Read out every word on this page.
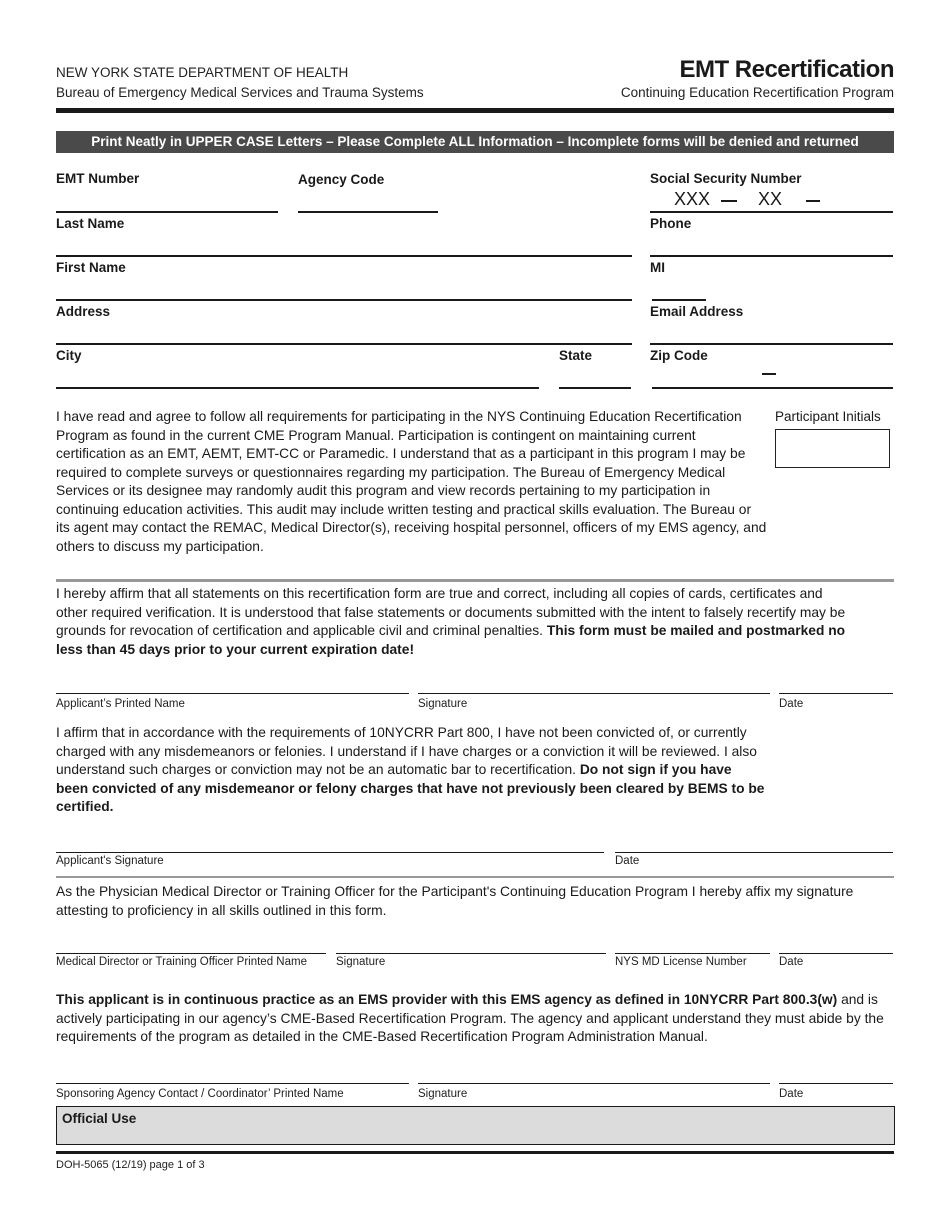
NEW YORK STATE DEPARTMENT OF HEALTH
Bureau of Emergency Medical Services and Trauma Systems
EMT Recertification
Continuing Education Recertification Program
Print Neatly in UPPER CASE Letters – Please Complete ALL Information – Incomplete forms will be denied and returned
EMT Number	Agency Code	Social Security Number
XXX	XX
Last Name	Phone
First Name	MI
Address	Email Address
City	State	Zip Code
I have read and agree to follow all requirements for participating in the NYS Continuing Education Recertification Program as found in the current CME Program Manual. Participation is contingent on maintaining current certification as an EMT, AEMT, EMT-CC or Paramedic. I understand that as a participant in this program I may be required to complete surveys or questionnaires regarding my participation. The Bureau of Emergency Medical Services or its designee may randomly audit this program and view records pertaining to my participation in continuing education activities. This audit may include written testing and practical skills evaluation. The Bureau or its agent may contact the REMAC, Medical Director(s), receiving hospital personnel, officers of my EMS agency, and others to discuss my participation.
Participant Initials
I hereby affirm that all statements on this recertification form are true and correct, including all copies of cards, certificates and other required verification. It is understood that false statements or documents submitted with the intent to falsely recertify may be grounds for revocation of certification and applicable civil and criminal penalties. This form must be mailed and postmarked no less than 45 days prior to your current expiration date!
Applicant’s Printed Name	Signature	Date
I affirm that in accordance with the requirements of 10NYCRR Part 800, I have not been convicted of, or currently charged with any misdemeanors or felonies. I understand if I have charges or a conviction it will be reviewed. I also understand such charges or conviction may not be an automatic bar to recertification. Do not sign if you have been convicted of any misdemeanor or felony charges that have not previously been cleared by BEMS to be certified.
Applicant's Signature	Date
As the Physician Medical Director or Training Officer for the Participant's Continuing Education Program I hereby affix my signature attesting to proficiency in all skills outlined in this form.
Medical Director or Training Officer Printed Name	Signature	NYS MD License Number	Date
This applicant is in continuous practice as an EMS provider with this EMS agency as defined in 10NYCRR Part 800.3(w) and is actively participating in our agency’s CME-Based Recertification Program. The agency and applicant understand they must abide by the requirements of the program as detailed in the CME-Based Recertification Program Administration Manual.
Sponsoring Agency Contact / Coordinator’ Printed Name	Signature	Date
Official Use
DOH-5065 (12/19) page 1 of 3
